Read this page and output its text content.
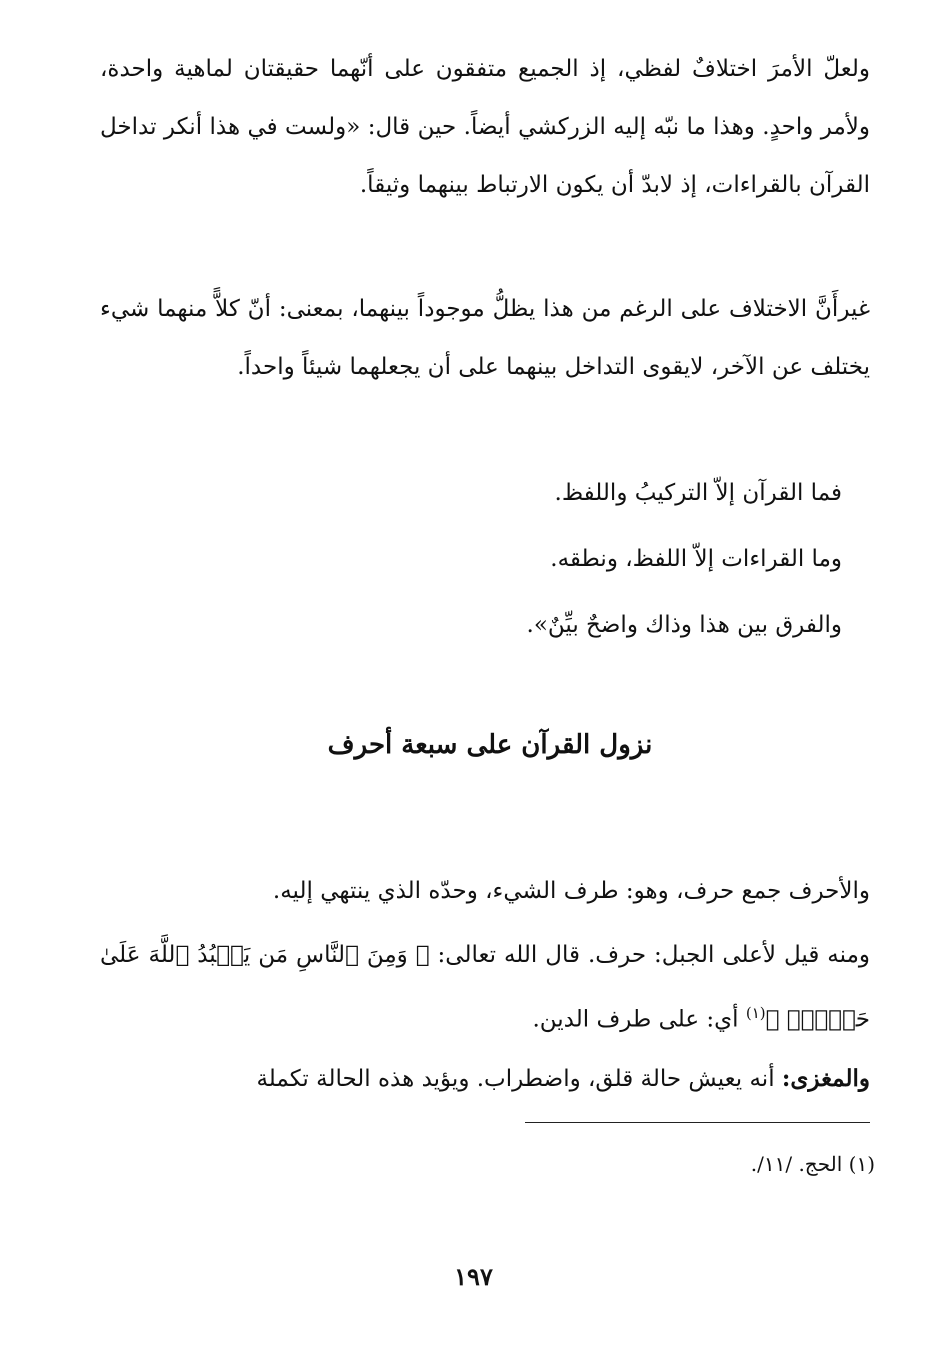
ولعلّ الأمرَ اختلافٌ لفظي، إذ الجميع متفقون على أنّهما حقيقتان لماهية واحدة، ولأمر واحدٍ. وهذا ما نبّه إليه الزركشي أيضاً. حين قال: «ولست في هذا أنكر تداخل القرآن بالقراءات، إذ لابدّ أن يكون الارتباط بينهما وثيقاً.

غيرأَنَّ الاختلاف على الرغم من هذا يظلُّ موجوداً بينهما، بمعنى: أنّ كلاًّ منهما شيء يختلف عن الآخر، لايقوى التداخل بينهما على أن يجعلهما شيئاً واحداً.

فما القرآن إلاّ التركيبُ واللفظ.

وما القراءات إلاّ اللفظ، ونطقه.

والفرق بين هذا وذاك واضحٌ بيِّنٌ».

نزول القرآن على سبعة أحرف

والأحرف جمع حرف، وهو: طرف الشيء، وحدّه الذي ينتهي إليه.

ومنه قيل لأعلى الجبل: حرف. قال الله تعالى: ﴿ وَمِنَ ٱلنَّاسِ مَن يَعۡبُدُ ٱللَّهَ عَلَىٰ حَرۡفٖۖ ﴾$^{(١)}$ أي: على طرف الدين.

والمغزى: أنه يعيش حالة قلق، واضطراب. ويؤيد هذه الحالة تكملة

(١) الحج. /١١/.

١٩٧
